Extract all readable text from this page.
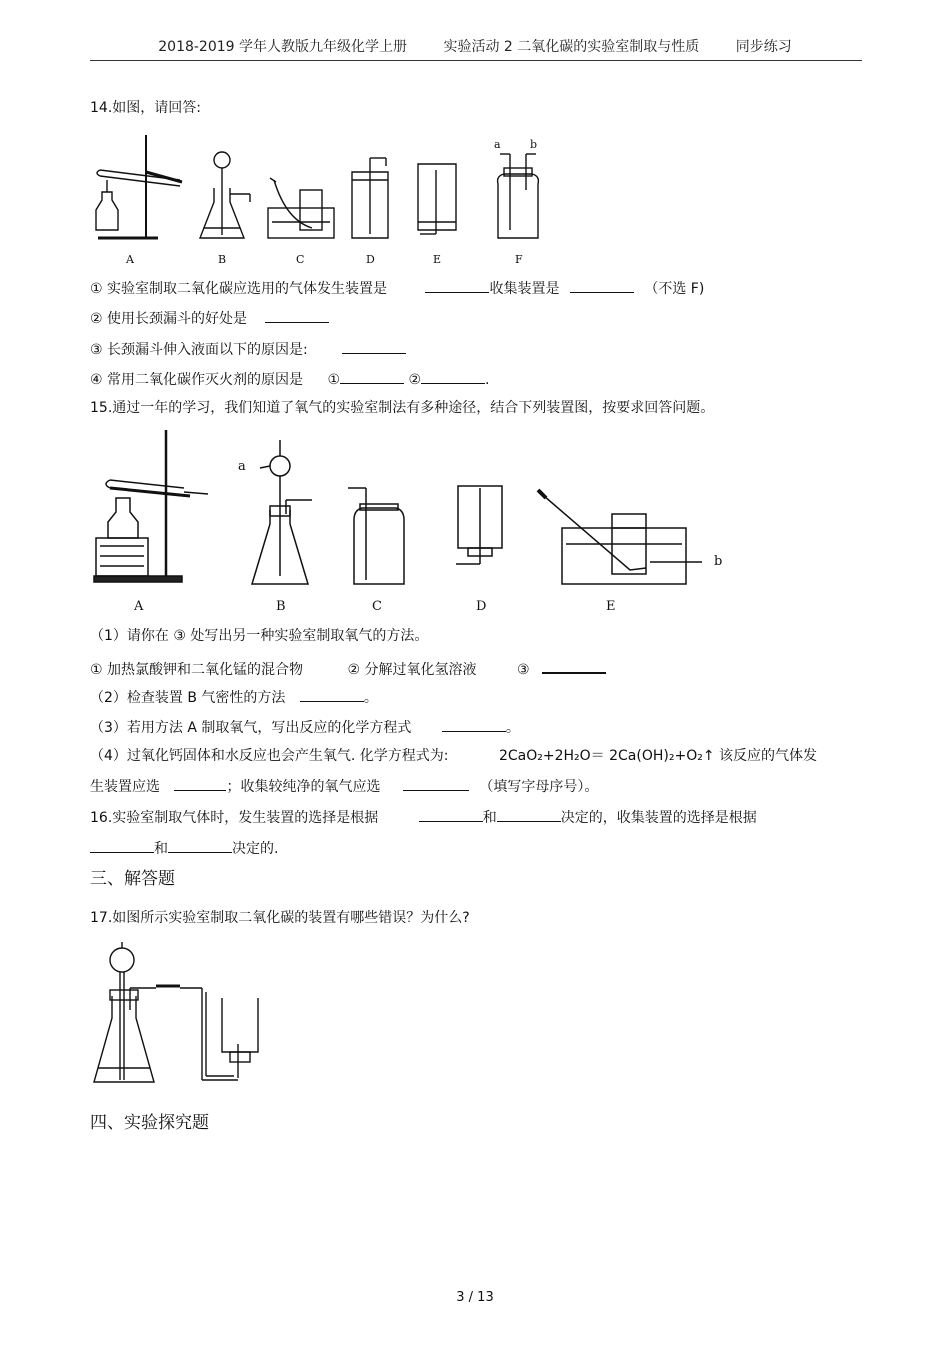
2018-2019 学年人教版九年级化学上册	实验活动 2 二氧化碳的实验室制取与性质	同步练习
14.如图，请回答:
A	B	C	D	E	F
a	b
① 实验室制取二氧化碳应选用的气体发生装置是	收集装置是	（不选 F)
② 使用长颈漏斗的好处是
③ 长颈漏斗伸入液面以下的原因是:
④ 常用二氧化碳作灭火剂的原因是 ①	②	.
15.通过一年的学习，我们知道了氧气的实验室制法有多种途径，结合下列装置图，按要求回答问题。
A	B	C	D	E
a
b
（1）请你在 ③ 处写出另一种实验室制取氧气的方法。
① 加热氯酸钾和二氧化锰的混合物	② 分解过氧化氢溶液	③
（2）检查装置 B 气密性的方法	。
（3）若用方法 A 制取氧气，写出反应的化学方程式	。
（4）过氧化钙固体和水反应也会产生氧气. 化学方程式为:	2CaO₂+2H₂O＝ 2Ca(OH)₂+O₂↑ 该反应的气体发
生装置应选	；收集较纯净的氧气应选	（填写字母序号）。
16.实验室制取气体时，发生装置的选择是根据	和	决定的，收集装置的选择是根据
和	决定的.
三、解答题
17.如图所示实验室制取二氧化碳的装置有哪些错误？为什么?
四、实验探究题
3 / 13
